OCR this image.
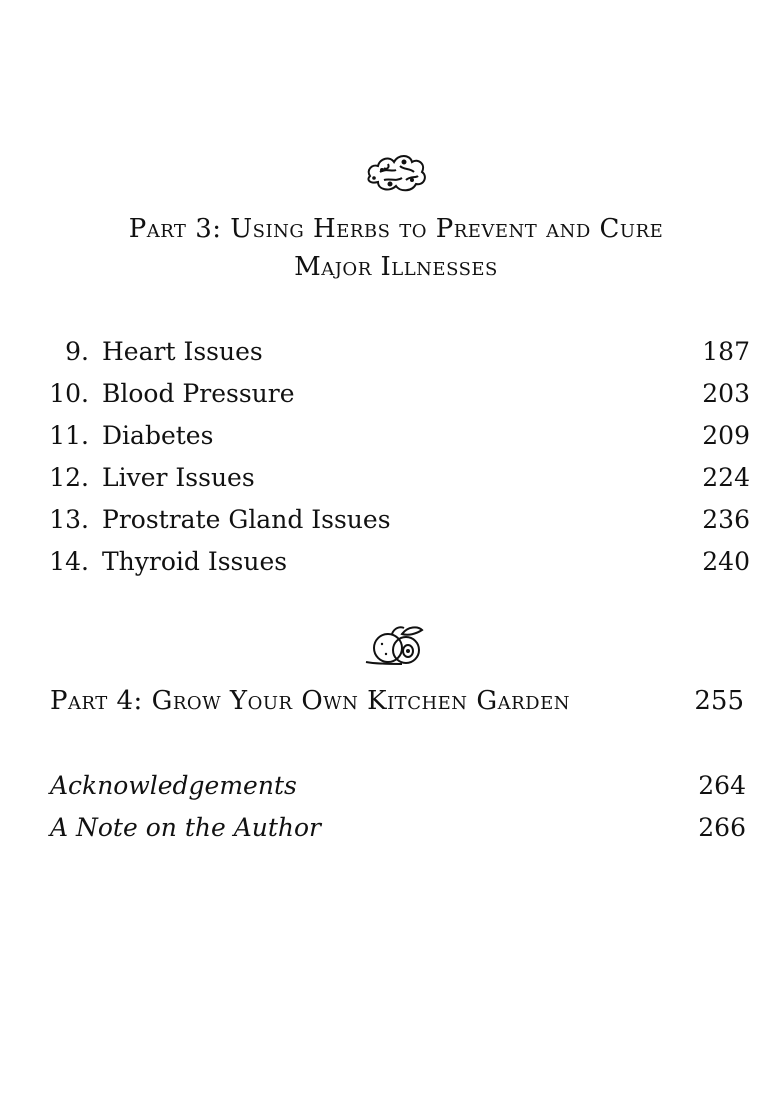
Part 3: Using Herbs to Prevent and Cure
Major Illnesses
9. Heart Issues	187
10. Blood Pressure	203
11. Diabetes	209
12. Liver Issues	224
13. Prostrate Gland Issues	236
14. Thyroid Issues	240
Part 4: Grow Your Own Kitchen Garden	255
Acknowledgements	264
A Note on the Author	266
